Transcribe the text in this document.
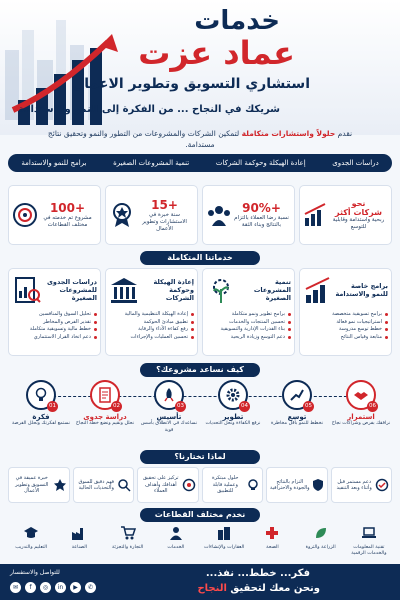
خدمات
عماد عزت
استشاري التسويق وتطوير الاعمال
شريكك في النجاح ... من الفكرة إلى النمو والاستدامة
نقدم حلولاً واستشارات متكاملة لتمكين الشركات والمشروعات من التطور والنمو وتحقيق نتائج مستدامة.
دراسات الجدوى
إعادة الهيكلة وحوكمة الشركات
تنمية المشروعات الصغيرة
برامج للنمو والاستدامة
نحو
شركات أكثر
ربحية واستدامة وقابلية للتوسع
+90%
نسبة رضا العملاء بالتزام بالنتائج وبناء الثقة
+15
سنة خبرة في الاستشارات وتطوير الأعمال
+100
مشروع تم خدمته في مختلف القطاعات
خدماتنا المتكاملة
برامج خاصة للنمو والاستدامة
برامج تسويقية متخصصة
استراتيجيات نمو فعالة
خطط توسع مدروسة
متابعة وقياس النتائج
تنمية المشروعات الصغيرة
برامج تطوير ونمو متكاملة
تحسين المنتجات والخدمات
بناء القدرات الإدارية والتسويقية
دعم التوسع وزيادة الربحية
إعادة الهيكلة وحوكمة الشركات
إعادة الهيكلة التنظيمية والمالية
تطبيق مبادئ الحوكمة
رفع كفاءة الأداء والرقابة
تحسين العمليات والإجراءات
دراسات الجدوى للمشروعات الصغيرة
تحليل السوق والمنافسين
تقدير الفرص والمخاطر
خطط مالية وتسويقية متكاملة
دعم اتخاذ القرار الاستثماري
كيف نساعد مشروعك؟
06
استمرار
نرافقك بفرص وشراكات نجاح
05
توسع
نخطط للنمو بأقل مخاطرة
04
تطوير
نرفع الكفاءة ونحل التحديات
03
تأسيس
نساعدك في الانطلاق بأسس قوية
02
دراسة جدوى
نحلل ونقيم ونضع خطة النجاح
01
فكرة
نستمع لفكرتك ونحلل الفرصة
لماذا تختارنا؟
دعم مستمر قبل وأثناء وبعد التنفيذ
التزام بالنتائج والجودة والاحترافية
حلول مبتكرة وعملية قابلة للتطبيق
تركيز على تحقيق أهدافك وأهداف العملاء
فهم دقيق للسوق والتحديات الحالية
خبرة عميقة في التسويق وتطوير الأعمال
نخدم مختلف القطاعات
تقنية المعلومات والخدمات الرقمية
الزراعة والثروة
الصحة
العقارات والإنشاءات
الخدمات
التجارة والتجزئة
الصناعة
التعليم والتدريب
فكر... خطط... نفذ...
ونحن معك لتحقيق النجاح
للتواصل والاستفسار
✆
▶
in
◎
f
✉
